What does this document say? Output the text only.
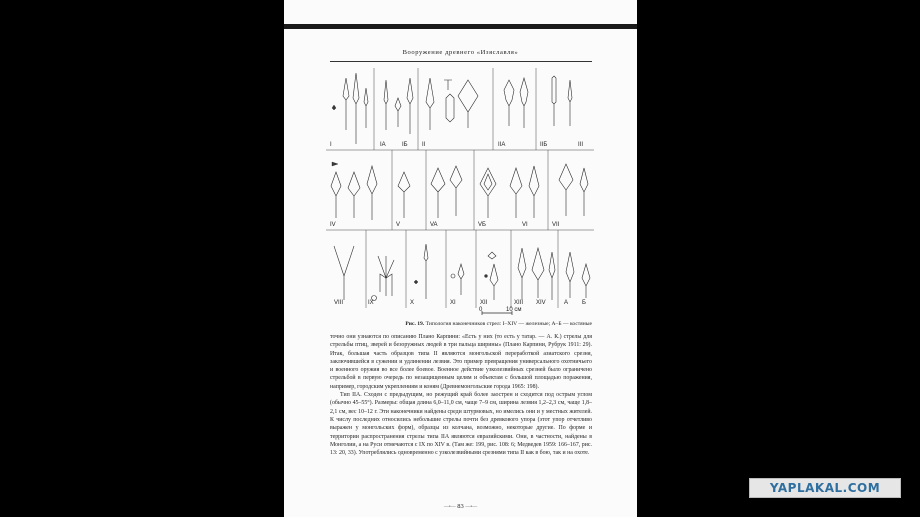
Вооружение древнего «Изяславля»
0	10 см
I	IA	IБ II	IIA	IIБ	III
IV	V	VA	VБ	VI	VII
VIII	IX	X	XI	XII	XIII XIV	A Б
Рис. 19. Типология наконечников стрел: I–XIV — железные; А–Б — костяные

точно они узнаются по описанию Плано Карпини: «Есть у них (то есть у татар. — А. К.) стрелы для стрельбы птиц, зверей и безоружных людей в три пальца ширины» (Плано Карпини, Рубрук 1911: 29). Итак, большая часть образцов типа II являются монгольской переработкой азиатского срезня, заключившейся в сужении и удлинении лезвия. Это пример превращения универсального охотничьего и военного оружия во все более боевое. Военное действие узколезвийных срезней было ограничено стрельбой в первую очередь по незащищенным целям и объектам с большой площадью поражения, например, городским укреплениям и коням (Древнемонгольские города 1965: 198).

Тип IIA. Сходен с предыдущим, но режущий край более заострен и сходится под острым углом (обычно 45–55°). Размеры: общая длина 6,0–11,0 см, чаще 7–9 см, ширина лезвия 1,2–2,3 см, чаще 1,8–2,1 см, вес 10–12 г. Эти наконечники найдены среди штурмовых, но имелись они и у местных жителей. К числу последних относились небольшие стрелы почти без древкового упора (этот упор отчетливо выражен у монгольских форм), образцы из колчана, возможно, некоторые другие. По форме и территории распространения стрелы типа IIA являются евразийскими. Они, в частности, найдены в Монголии, а на Руси отмечаются с IX по XIV в. (Там же: 199, рис. 108: 6; Медведев 1959: 166–167, рис. 13: 20, 33). Употреблялись одновременно с узколезвийными срезнями типа II как в бою, так и на охоте.

—•— 83 —•—
YAPLAKAL.COM
